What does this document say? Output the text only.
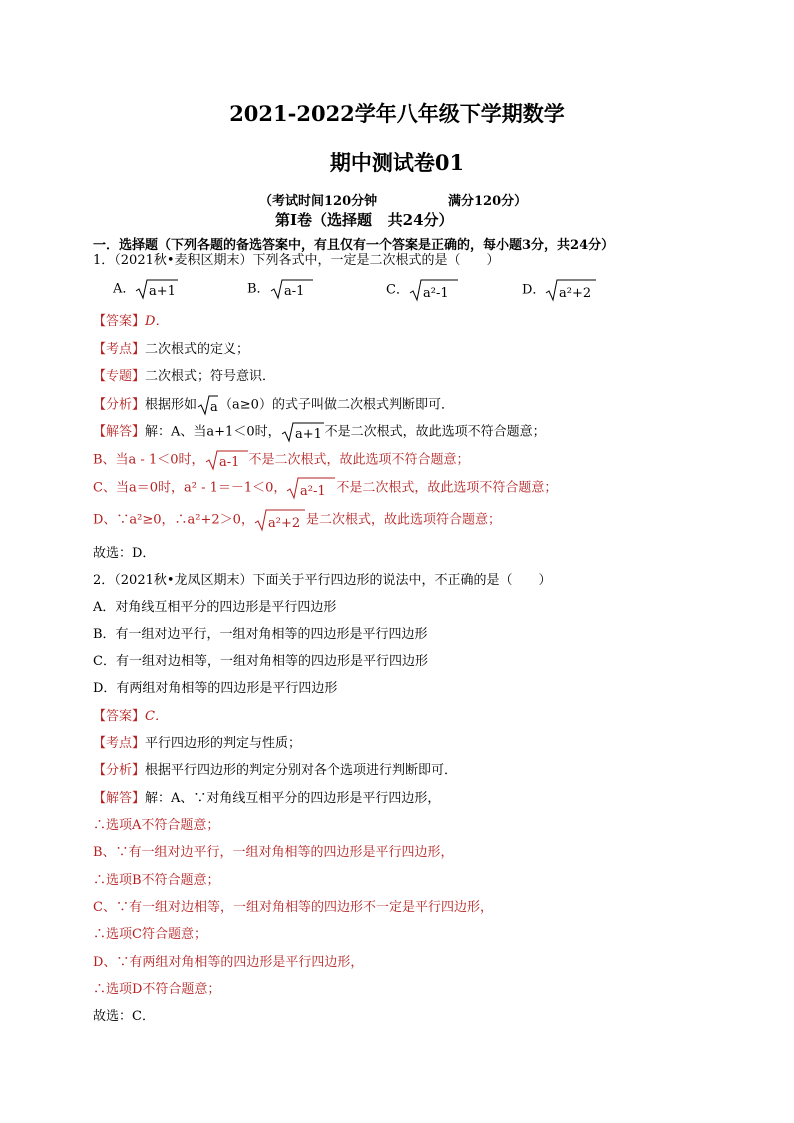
2021-2022学年八年级下学期数学
期中测试卷01
（考试时间120分钟	满分120分）
第Ⅰ卷（选择题   共24分）
一．选择题（下列各题的备选答案中，有且仅有一个答案是正确的，每小题3分，共24分）
1．（2021秋•麦积区期末）下列各式中，一定是二次根式的是（　　）
A． a+1	B． a-1	C． a²-1	D． a²+2
【答案】D．
【考点】二次根式的定义；
【专题】二次根式；符号意识．
【分析】根据形如 a （a≥0）的式子叫做二次根式判断即可．
【解答】解：A、当a+1＜0时， a+1 不是二次根式，故此选项不符合题意；
B、当a - 1＜0时， a-1 不是二次根式，故此选项不符合题意；
C、当a＝0时，a² - 1＝－1＜0， a²-1 不是二次根式，故此选项不符合题意；
D、∵a²≥0，∴a²+2＞0， a²+2 是二次根式，故此选项符合题意；
故选：D．
2．（2021秋•龙凤区期末）下面关于平行四边形的说法中，不正确的是（　　）
A．对角线互相平分的四边形是平行四边形
B．有一组对边平行，一组对角相等的四边形是平行四边形
C．有一组对边相等，一组对角相等的四边形是平行四边形
D．有两组对角相等的四边形是平行四边形
【答案】C．
【考点】平行四边形的判定与性质；
【分析】根据平行四边形的判定分别对各个选项进行判断即可．
【解答】解：A、∵对角线互相平分的四边形是平行四边形，
∴选项A不符合题意；
B、∵有一组对边平行，一组对角相等的四边形是平行四边形，
∴选项B不符合题意；
C、∵有一组对边相等，一组对角相等的四边形不一定是平行四边形，
∴选项C符合题意；
D、∵有两组对角相等的四边形是平行四边形，
∴选项D不符合题意；
故选：C．
